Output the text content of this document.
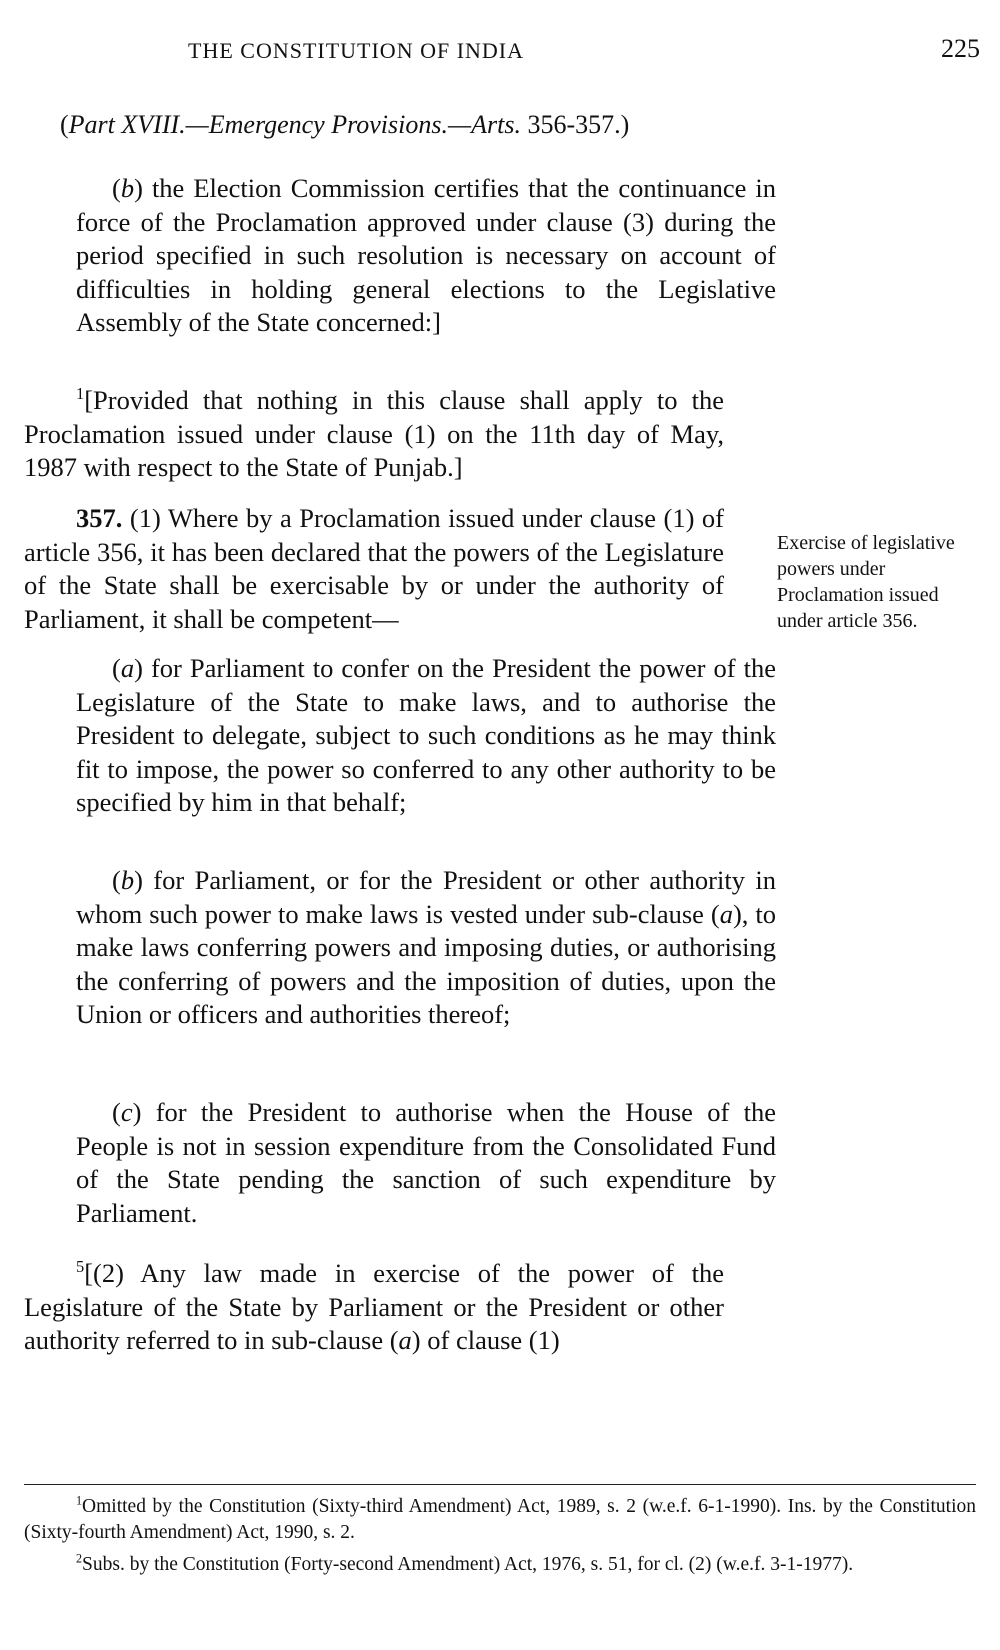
THE CONSTITUTION OF INDIA	225
(Part XVIII.—Emergency Provisions.—Arts. 356-357.)

(b) the Election Commission certifies that the continuance in force of the Proclamation approved under clause (3) during the period specified in such resolution is necessary on account of difficulties in holding general elections to the Legislative Assembly of the State concerned:]

$^1$[Provided that nothing in this clause shall apply to the Proclamation issued under clause (1) on the 11th day of May, 1987 with respect to the State of Punjab.]

357. (1) Where by a Proclamation issued under clause (1) of article 356, it has been declared that the powers of the Legislature of the State shall be exercisable by or under the authority of Parliament, it shall be competent—

Exercise of legislative powers under Proclamation issued under article 356.

(a) for Parliament to confer on the President the power of the Legislature of the State to make laws, and to authorise the President to delegate, subject to such conditions as he may think fit to impose, the power so conferred to any other authority to be specified by him in that behalf;

(b) for Parliament, or for the President or other authority in whom such power to make laws is vested under sub-clause (a), to make laws conferring powers and imposing duties, or authorising the conferring of powers and the imposition of duties, upon the Union or officers and authorities thereof;

(c) for the President to authorise when the House of the People is not in session expenditure from the Consolidated Fund of the State pending the sanction of such expenditure by Parliament.

$^5$[(2) Any law made in exercise of the power of the Legislature of the State by Parliament or the President or other authority referred to in sub-clause (a) of clause (1)

$^1$Omitted by the Constitution (Sixty-third Amendment) Act, 1989, s. 2 (w.e.f. 6-1-1990). Ins. by the Constitution (Sixty-fourth Amendment) Act, 1990, s. 2.

$^2$Subs. by the Constitution (Forty-second Amendment) Act, 1976, s. 51, for cl. (2) (w.e.f. 3-1-1977).
